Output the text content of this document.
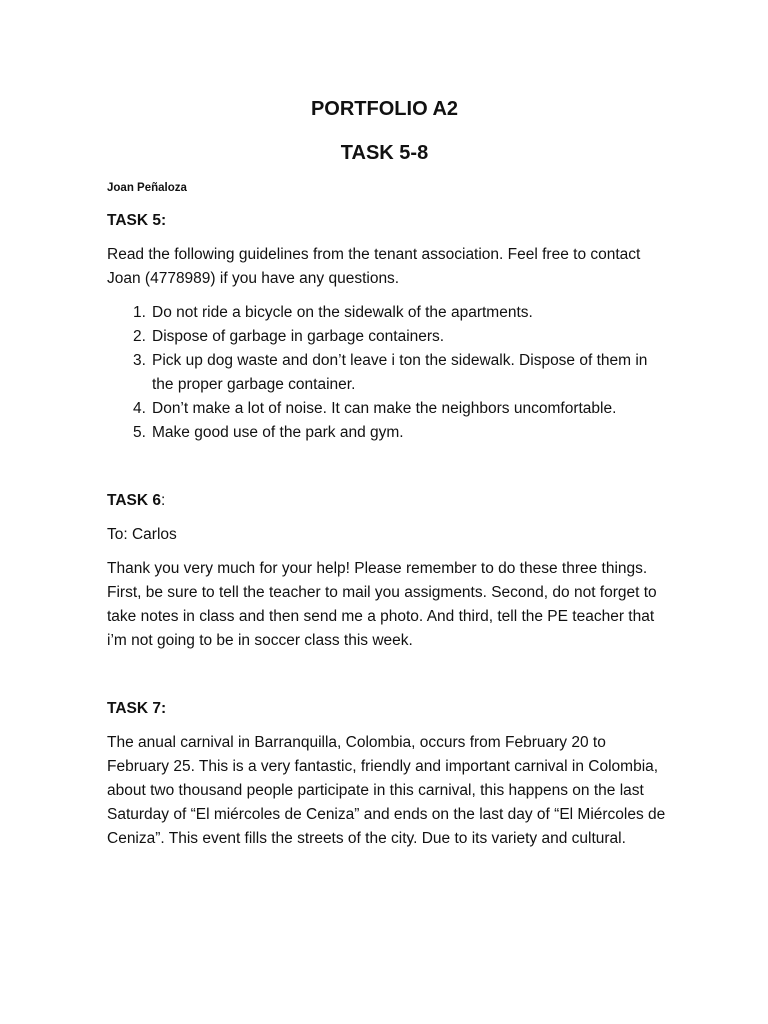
PORTFOLIO A2
TASK 5-8

Joan Peñaloza

TASK 5:

Read the following guidelines from the tenant association. Feel free to contact Joan (4778989) if you have any questions.

1. Do not ride a bicycle on the sidewalk of the apartments.
2. Dispose of garbage in garbage containers.
3. Pick up dog waste and don’t leave i ton the sidewalk. Dispose of them in the proper garbage container.
4. Don’t make a lot of noise. It can make the neighbors uncomfortable.
5. Make good use of the park and gym.

TASK 6:

To: Carlos

Thank you very much for your help! Please remember to do these three things. First, be sure to tell the teacher to mail you assigments. Second, do not forget to take notes in class and then send me a photo. And third, tell the PE teacher that i’m not going to be in soccer class this week.

TASK 7:

The anual carnival in Barranquilla, Colombia, occurs from February 20 to February 25. This is a very fantastic, friendly and important carnival in Colombia, about two thousand people participate in this carnival, this happens on the last Saturday of “El miércoles de Ceniza” and ends on the last day of “El Miércoles de Ceniza”. This event fills the streets of the city. Due to its variety and cultural.
